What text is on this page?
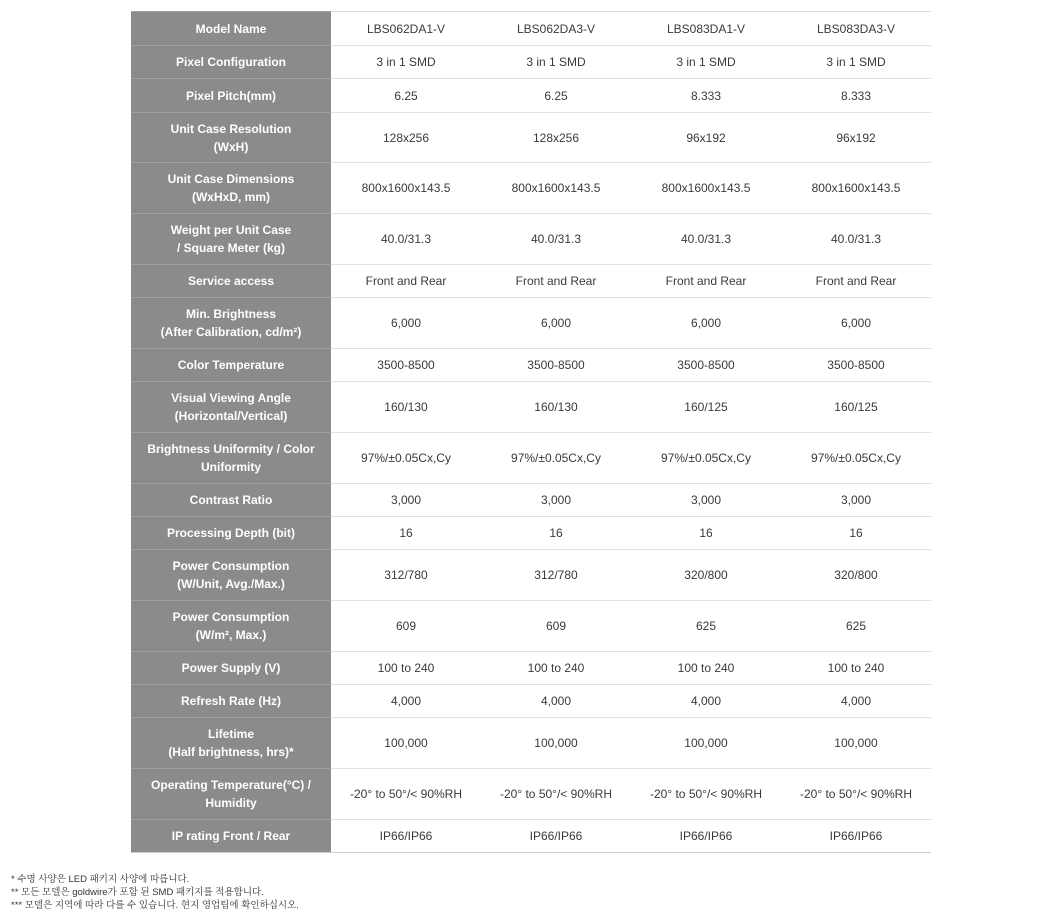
Model Name	LBS062DA1-V	LBS062DA3-V	LBS083DA1-V	LBS083DA3-V
Pixel Configuration	3 in 1 SMD	3 in 1 SMD	3 in 1 SMD	3 in 1 SMD
Pixel Pitch(mm)	6.25	6.25	8.333	8.333
Unit Case Resolution
(WxH)	128x256	128x256	96x192	96x192
Unit Case Dimensions
(WxHxD, mm)	800x1600x143.5	800x1600x143.5	800x1600x143.5	800x1600x143.5
Weight per Unit Case
/ Square Meter (kg)	40.0/31.3	40.0/31.3	40.0/31.3	40.0/31.3
Service access	Front and Rear	Front and Rear	Front and Rear	Front and Rear
Min. Brightness
(After Calibration, cd/m²)	6,000	6,000	6,000	6,000
Color Temperature	3500-8500	3500-8500	3500-8500	3500-8500
Visual Viewing Angle
(Horizontal/Vertical)	160/130	160/130	160/125	160/125
Brightness Uniformity / Color
Uniformity	97%/±0.05Cx,Cy	97%/±0.05Cx,Cy	97%/±0.05Cx,Cy	97%/±0.05Cx,Cy
Contrast Ratio	3,000	3,000	3,000	3,000
Processing Depth (bit)	16	16	16	16
Power Consumption
(W/Unit, Avg./Max.)	312/780	312/780	320/800	320/800
Power Consumption
(W/m², Max.)	609	609	625	625
Power Supply (V)	100 to 240	100 to 240	100 to 240	100 to 240
Refresh Rate (Hz)	4,000	4,000	4,000	4,000
Lifetime
(Half brightness, hrs)*	100,000	100,000	100,000	100,000
Operating Temperature(°C) /
Humidity	-20° to 50°/< 90%RH	-20° to 50°/< 90%RH	-20° to 50°/< 90%RH	-20° to 50°/< 90%RH
IP rating Front / Rear	IP66/IP66	IP66/IP66	IP66/IP66	IP66/IP66
* 수명 사양은 LED 패키지 사양에 따릅니다.
** 모든 모델은 goldwire가 포함 된 SMD 패키지를 적용합니다.
*** 모델은 지역에 따라 다를 수 있습니다. 현지 영업팀에 확인하십시오.
